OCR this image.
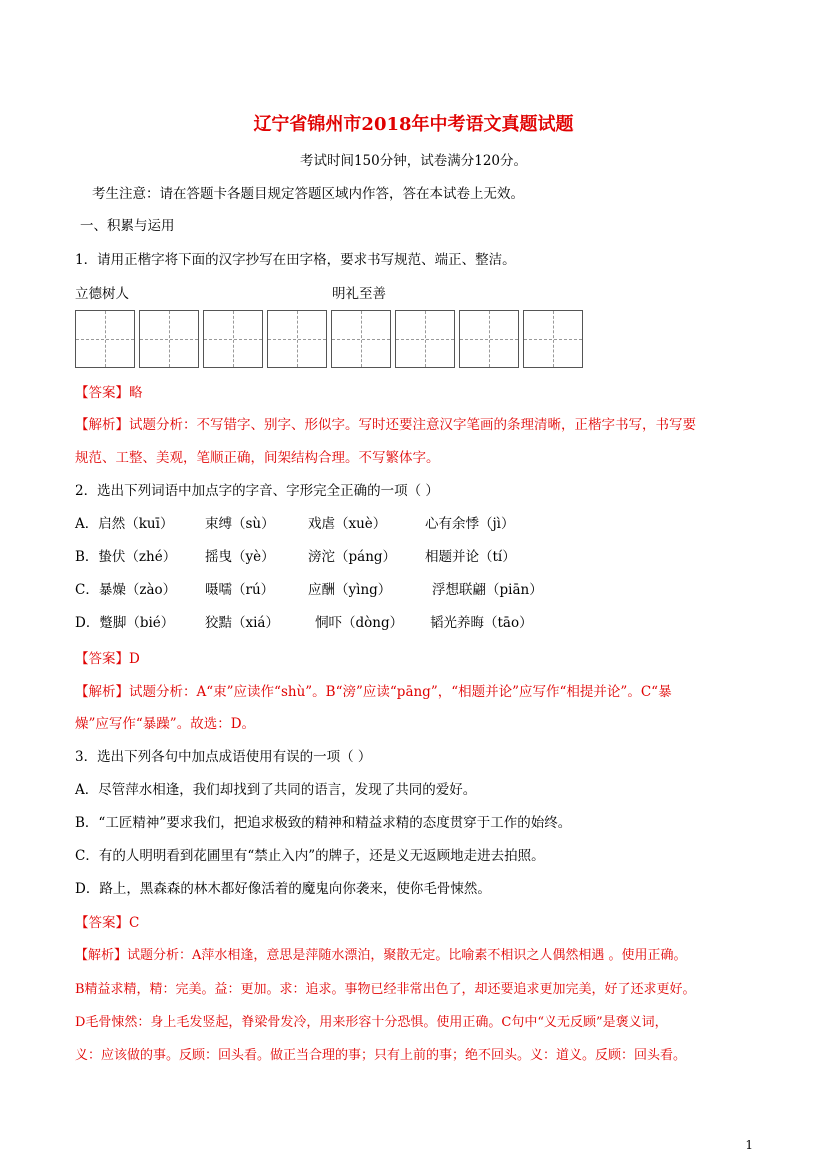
辽宁省锦州市2018年中考语文真题试题
考试时间150分钟，试卷满分120分。
考生注意：请在答题卡各题目规定答题区域内作答，答在本试卷上无效。
一、积累与运用
1．请用正楷字将下面的汉字抄写在田字格，要求书写规范、端正、整洁。
立德树人	明礼至善
【答案】略
【解析】试题分析：不写错字、别字、形似字。写时还要注意汉字笔画的条理清晰，正楷字书写，书写要
规范、工整、美观，笔顺正确，间架结构合理。不写繁体字。
2．选出下列词语中加点字的字音、字形完全正确的一项（ ）
A．启然（kuī） 束缚（sù） 戏虐（xuè）	心有余悸（jì）
B．蛰伏（zhé） 摇曳（yè） 滂沱（páng） 相题并论（tí）
C．暴燥（zào） 嗫嚅（rú）	应酬（yìng）	浮想联翩（piān）
D．蹩脚（bié） 狡黠（xiá）	恫吓（dòng） 韬光养晦（tāo）
【答案】D
【解析】试题分析：A“束”应读作“shù”。B“滂”应读“pāng”，“相题并论”应写作“相提并论”。C“暴
燥”应写作“暴躁”。故选：D。
3．选出下列各句中加点成语使用有误的一项（ ）
A．尽管萍水相逢，我们却找到了共同的语言，发现了共同的爱好。
B．“工匠精神”要求我们，把追求极致的精神和精益求精的态度贯穿于工作的始终。
C．有的人明明看到花圃里有“禁止入内”的牌子，还是义无返顾地走进去拍照。
D．路上，黑森森的林木都好像活着的魔鬼向你袭来，使你毛骨悚然。
【答案】C
【解析】试题分析：A萍水相逢，意思是萍随水漂泊，聚散无定。比喻素不相识之人偶然相遇 。使用正确。
B精益求精，精：完美。益：更加。求：追求。事物已经非常出色了，却还要追求更加完美，好了还求更好。
D毛骨悚然：身上毛发竖起，脊梁骨发冷，用来形容十分恐惧。使用正确。C句中“义无反顾”是褒义词，
义：应该做的事。反顾：回头看。做正当合理的事；只有上前的事；绝不回头。义：道义。反顾：回头看。
1
